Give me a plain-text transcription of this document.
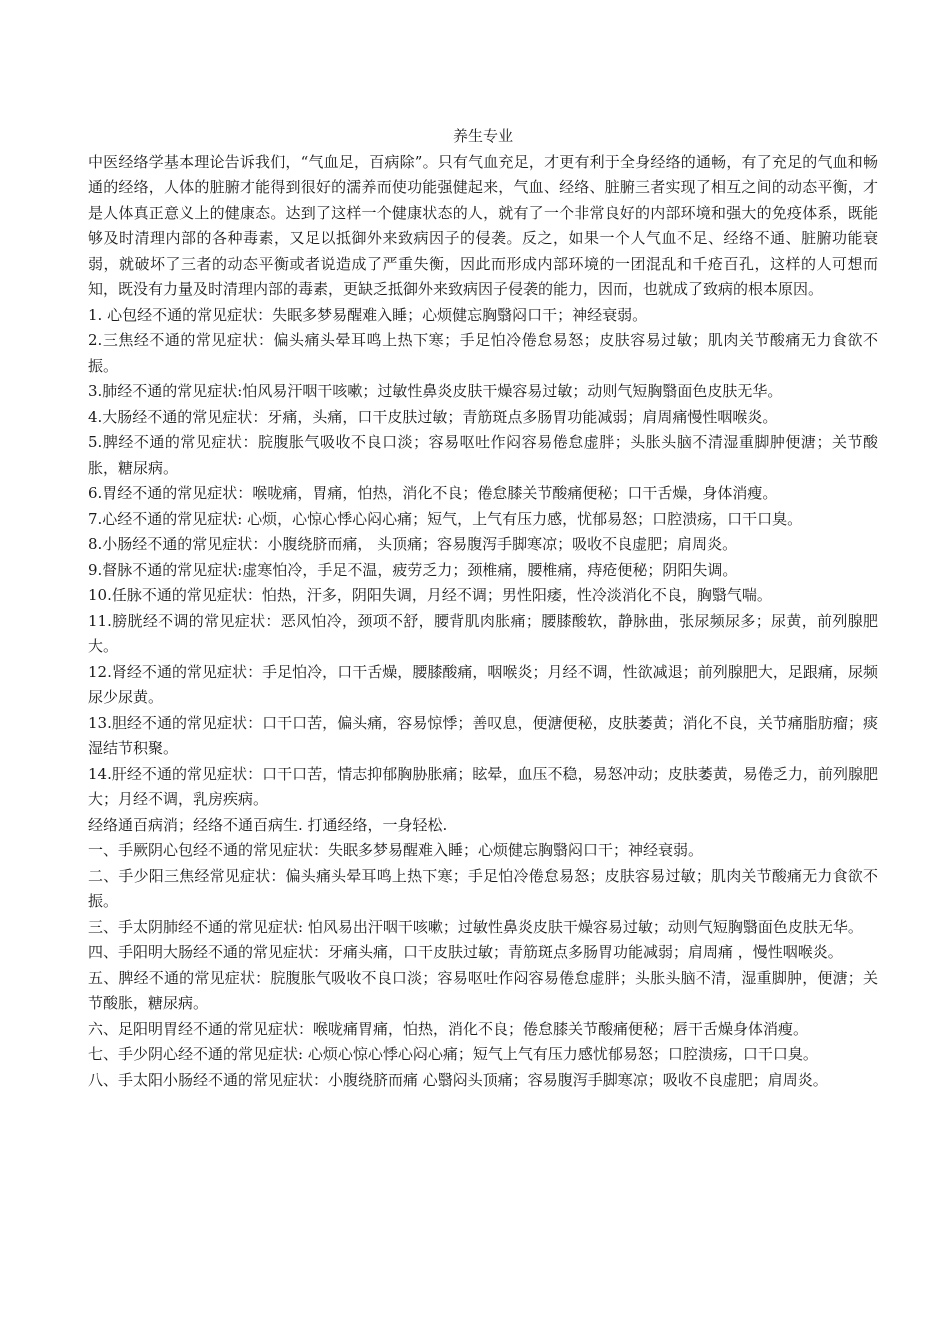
养生专业

中医经络学基本理论告诉我们，“气血足，百病除”。只有气血充足，才更有利于全身经络的通畅，有了充足的气血和畅通的经络，人体的脏腑才能得到很好的濡养而使功能强健起来，气血、经络、脏腑三者实现了相互之间的动态平衡，才是人体真正意义上的健康态。达到了这样一个健康状态的人，就有了一个非常良好的内部环境和强大的免疫体系，既能够及时清理内部的各种毒素，又足以抵御外来致病因子的侵袭。反之，如果一个人气血不足、经络不通、脏腑功能衰弱，就破坏了三者的动态平衡或者说造成了严重失衡，因此而形成内部环境的一团混乱和千疮百孔，这样的人可想而知，既没有力量及时清理内部的毒素，更缺乏抵御外来致病因子侵袭的能力，因而，也就成了致病的根本原因。

1. 心包经不通的常见症状：失眠多梦易醒难入睡；心烦健忘胸翳闷口干；神经衰弱。

2.三焦经不通的常见症状：偏头痛头晕耳鸣上热下寒；手足怕冷倦怠易怒；皮肤容易过敏；肌肉关节酸痛无力食欲不振。

3.肺经不通的常见症状:怕风易汗咽干咳嗽；过敏性鼻炎皮肤干燥容易过敏；动则气短胸翳面色皮肤无华。

4.大肠经不通的常见症状：牙痛，头痛，口干皮肤过敏；青筋斑点多肠胃功能减弱；肩周痛慢性咽喉炎。

5.脾经不通的常见症状：脘腹胀气吸收不良口淡；容易呕吐作闷容易倦怠虚胖；头胀头脑不清湿重脚肿便溏；关节酸胀，糖尿病。

6.胃经不通的常见症状：喉咙痛，胃痛，怕热，消化不良；倦怠膝关节酸痛便秘；口干舌燥，身体消瘦。

7.心经不通的常见症状: 心烦，心惊心悸心闷心痛；短气，上气有压力感，忧郁易怒；口腔溃疡，口干口臭。

8.小肠经不通的常见症状：小腹绕脐而痛， 头顶痛；容易腹泻手脚寒凉；吸收不良虚肥；肩周炎。

9.督脉不通的常见症状:虚寒怕冷，手足不温，疲劳乏力；颈椎痛，腰椎痛，痔疮便秘；阴阳失调。

10.任脉不通的常见症状：怕热，汗多，阴阳失调，月经不调；男性阳痿，性冷淡消化不良，胸翳气喘。

11.膀胱经不调的常见症状：恶风怕冷，颈项不舒，腰背肌肉胀痛；腰膝酸软，静脉曲，张尿频尿多；尿黄，前列腺肥大。

12.肾经不通的常见症状：手足怕冷，口干舌燥，腰膝酸痛，咽喉炎；月经不调，性欲减退；前列腺肥大，足跟痛，尿频尿少尿黄。

13.胆经不通的常见症状：口干口苦，偏头痛，容易惊悸；善叹息，便溏便秘，皮肤萎黄；消化不良，关节痛脂肪瘤；痰湿结节积聚。

14.肝经不通的常见症状：口干口苦，情志抑郁胸胁胀痛；眩晕，血压不稳，易怒冲动；皮肤萎黄，易倦乏力，前列腺肥大；月经不调，乳房疾病。

经络通百病消；经络不通百病生. 打通经络，一身轻松.

一、手厥阴心包经不通的常见症状：失眠多梦易醒难入睡；心烦健忘胸翳闷口干；神经衰弱。

二、手少阳三焦经常见症状：偏头痛头晕耳鸣上热下寒；手足怕冷倦怠易怒；皮肤容易过敏；肌肉关节酸痛无力食欲不振。

三、手太阴肺经不通的常见症状: 怕风易出汗咽干咳嗽；过敏性鼻炎皮肤干燥容易过敏；动则气短胸翳面色皮肤无华。

四、手阳明大肠经不通的常见症状：牙痛头痛，口干皮肤过敏；青筋斑点多肠胃功能减弱；肩周痛 ，慢性咽喉炎。

五、脾经不通的常见症状：脘腹胀气吸收不良口淡；容易呕吐作闷容易倦怠虚胖；头胀头脑不清，湿重脚肿，便溏；关节酸胀，糖尿病。

六、足阳明胃经不通的常见症状：喉咙痛胃痛，怕热，消化不良；倦怠膝关节酸痛便秘；唇干舌燥身体消瘦。

七、手少阴心经不通的常见症状: 心烦心惊心悸心闷心痛；短气上气有压力感忧郁易怒；口腔溃疡，口干口臭。

八、手太阳小肠经不通的常见症状：小腹绕脐而痛 心翳闷头顶痛；容易腹泻手脚寒凉；吸收不良虚肥；肩周炎。
